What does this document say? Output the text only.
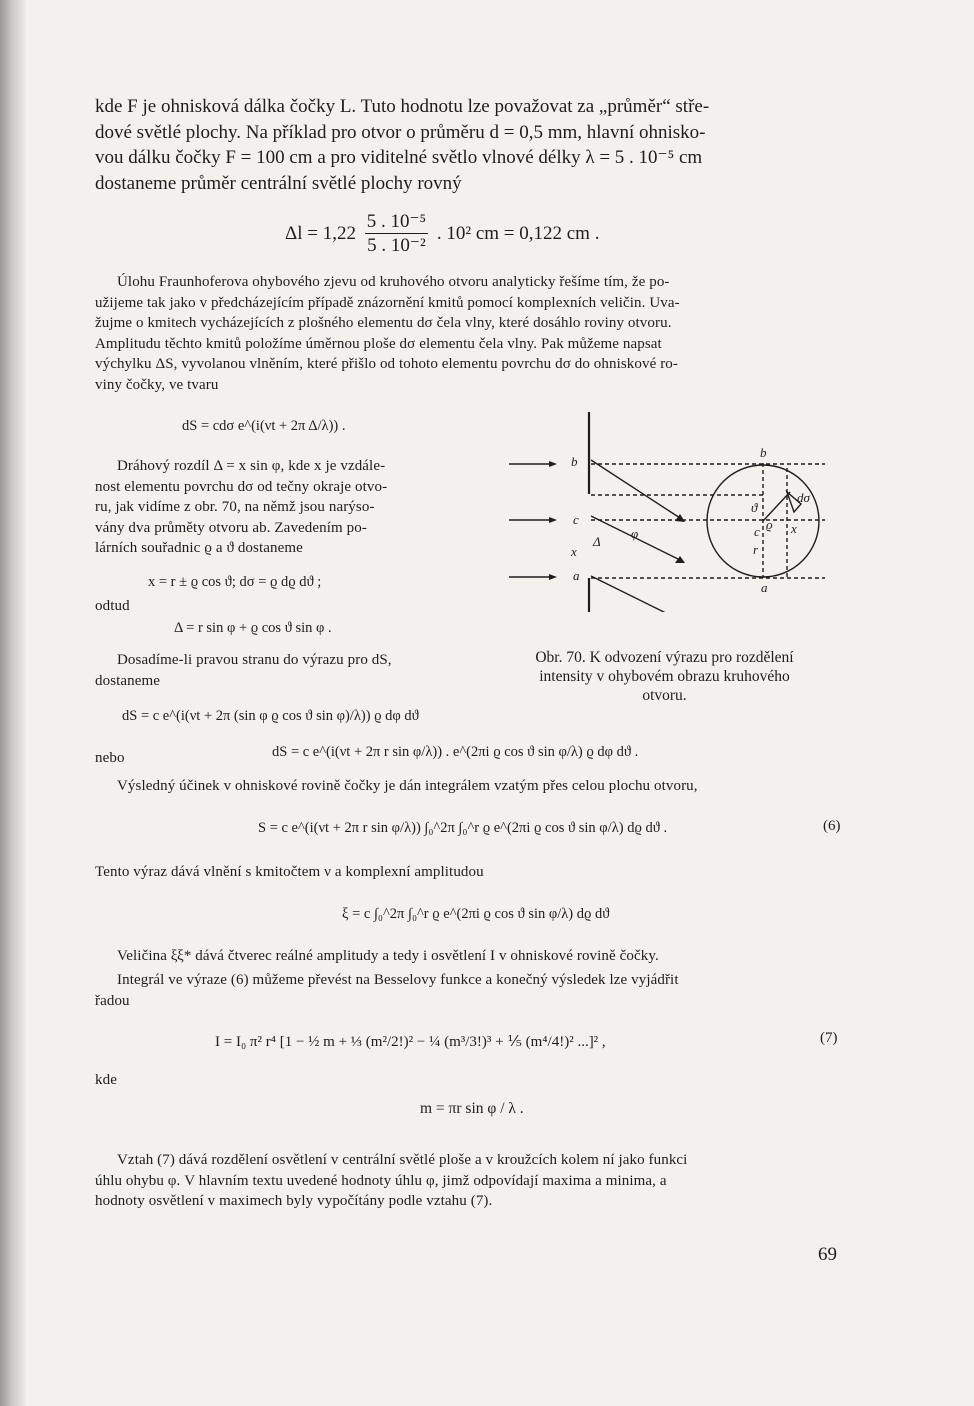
kde F je ohnisková dálka čočky L. Tuto hodnotu lze považovat za „průměr“ stře-
dové světlé plochy. Na příklad pro otvor o průměru d = 0,5 mm, hlavní ohnisko-
vou dálku čočky F = 100 cm a pro viditelné světlo vlnové délky λ = 5 . 10⁻⁵ cm
dostaneme průměr centrální světlé plochy rovný
$\Delta l = 1,22 \frac{\text{5 . 10⁻⁵}}{\text{5 . 10⁻²}}$ . 10² cm = 0,122 cm .
Úlohu Fraunhoferova ohybového zjevu od kruhového otvoru analyticky řešíme tím, že po-
užijeme tak jako v předcházejícím případě znázornění kmitů pomocí komplexních veličin. Uva-
žujme o kmitech vycházejících z plošného elementu dσ čela vlny, které dosáhlo roviny otvoru.
Amplitudu těchto kmitů položíme úměrnou ploše dσ elementu čela vlny. Pak můžeme napsat
výchylku ΔS, vyvolanou vlněním, které přišlo od tohoto elementu povrchu dσ do ohniskové ro-
viny čočky, ve tvaru
dS = cdσ e^(i(νt + 2π Δ/λ)) .
Dráhový rozdíl Δ = x sin φ, kde x je vzdále-
nost elementu povrchu dσ od tečny okraje otvo-
ru, jak vidíme z obr. 70, na němž jsou narýso-
vány dva průměty otvoru ab. Zavedením po-
lárních souřadnic ϱ a ϑ dostaneme
x = r ± ϱ cos ϑ; dσ = ϱ dϱ dϑ ;
odtud
Δ = r sin φ + ϱ cos ϑ sin φ .
Dosadíme-li pravou stranu do výrazu pro dS,
dostaneme
b
c
x
Δ
a
φ
b
dσ
ϑ
ϱ x
c
r
a
Obr. 70. K odvození výrazu pro rozdělení
intensity v ohybovém obrazu kruhového
otvoru.
dS = c e^(i(νt + 2π (sin φ ϱ cos ϑ sin φ)/λ)) ϱ dφ dϑ
nebo	dS = c e^(i(νt + 2π r sin φ/λ)) . e^(2πi ϱ cos ϑ sin φ/λ) ϱ dφ dϑ .
Výsledný účinek v ohniskové rovině čočky je dán integrálem vzatým přes celou plochu otvoru,
S = c e^(i(νt + 2π r sin φ/λ)) ∫₀^2π ∫₀^r ϱ e^(2πi ϱ cos ϑ sin φ/λ) dϱ dϑ .	(6)
Tento výraz dává vlnění s kmitočtem ν a komplexní amplitudou
ξ = c ∫₀^2π ∫₀^r ϱ e^(2πi ϱ cos ϑ sin φ/λ) dϱ dϑ
Veličina ξξ* dává čtverec reálné amplitudy a tedy i osvětlení I v ohniskové rovině čočky.
Integrál ve výraze (6) můžeme převést na Besselovy funkce a konečný výsledek lze vyjádřit
řadou
I = I₀ π² r⁴ [1 − ½ m + ⅓ (m²/2!)² − ¼ (m³/3!)³ + ⅕ (m⁴/4!)² ...]² ,	(7)
kde
m = πr sin φ / λ .
Vztah (7) dává rozdělení osvětlení v centrální světlé ploše a v kroužcích kolem ní jako funkci
úhlu ohybu φ. V hlavním textu uvedené hodnoty úhlu φ, jimž odpovídají maxima a minima, a
hodnoty osvětlení v maximech byly vypočítány podle vztahu (7).
69
